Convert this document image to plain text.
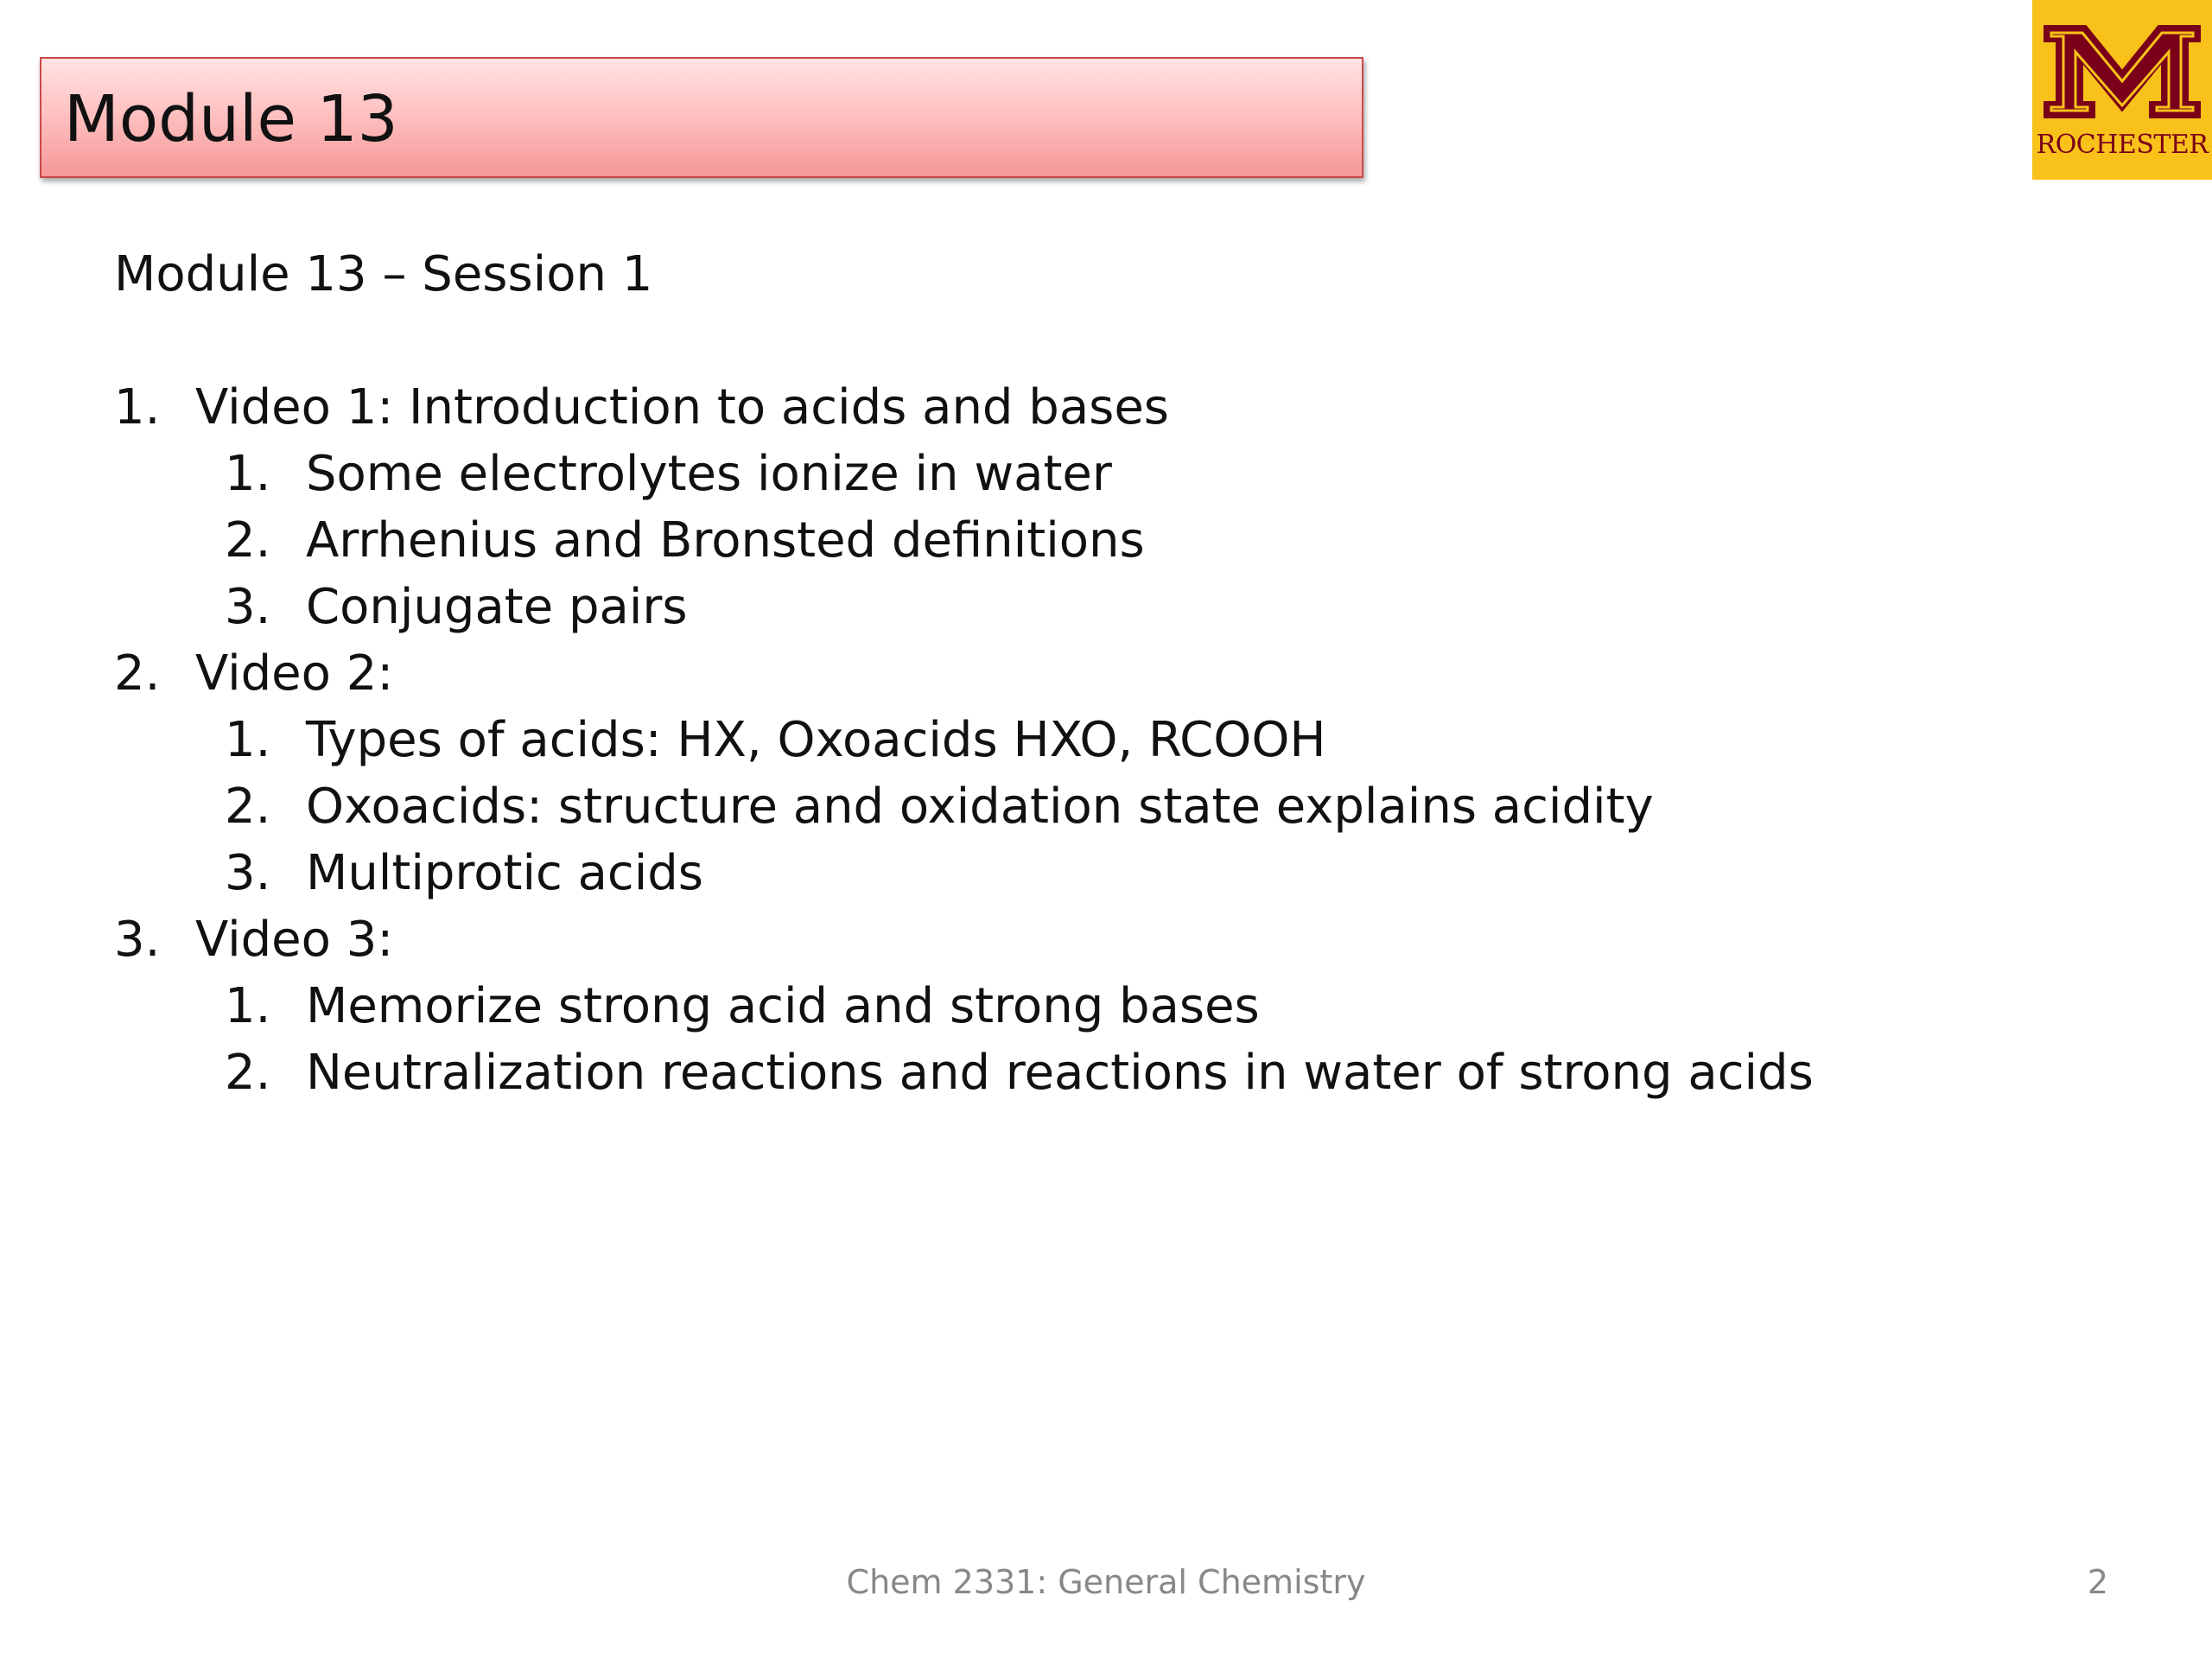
Module 13	ROCHESTER
Module 13 – Session 1
1. Video 1: Introduction to acids and bases
1. Some electrolytes ionize in water
2. Arrhenius and Bronsted definitions
3. Conjugate pairs
2. Video 2:
1. Types of acids: HX, Oxoacids HXO, RCOOH
2. Oxoacids: structure and oxidation state explains acidity
3. Multiprotic acids
3. Video 3:
1. Memorize strong acid and strong bases
2. Neutralization reactions and reactions in water of strong acids
Chem 2331: General Chemistry	2
